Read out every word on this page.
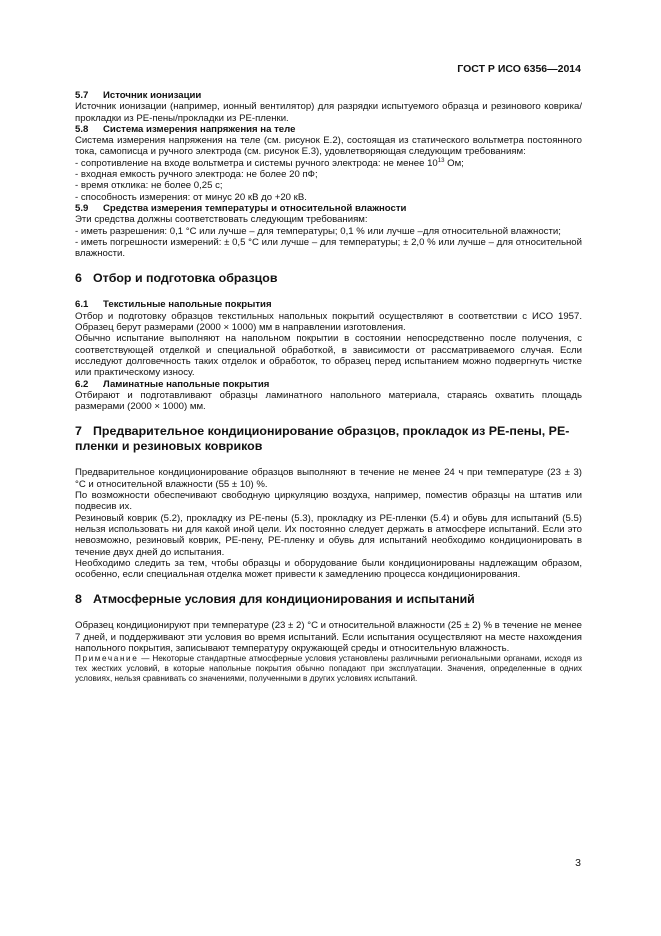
ГОСТ Р ИСО 6356—2014

5.7 Источник ионизации

Источник ионизации (например, ионный вентилятор) для разрядки испытуемого образца и резинового коврика/прокладки из PE-пены/прокладки из PE-пленки.

5.8 Система измерения напряжения на теле

Система измерения напряжения на теле (см. рисунок Е.2), состоящая из статического вольтметра постоянного тока, самописца и ручного электрода (см. рисунок Е.3), удовлетворяющая следующим требованиям:

- сопротивление на входе вольтметра и системы ручного электрода: не менее $10^{13}$ Ом;

- входная емкость ручного электрода: не более 20 пФ;

- время отклика: не более 0,25 с;

- способность измерения: от минус 20 кВ до +20 кВ.

5.9 Средства измерения температуры и относительной влажности

Эти средства должны соответствовать следующим требованиям:

- иметь разрешения: 0,1 °С или лучше – для температуры; 0,1 % или лучше –для относительной влажности;

- иметь погрешности измерений: ± 0,5 °С или лучше – для температуры; ± 2,0 % или лучше – для относительной влажности.

6 Отбор и подготовка образцов

6.1 Текстильные напольные покрытия

Отбор и подготовку образцов текстильных напольных покрытий осуществляют в соответствии с ИСО 1957. Образец берут размерами (2000 × 1000) мм в направлении изготовления.

Обычно испытание выполняют на напольном покрытии в состоянии непосредственно после получения, с соответствующей отделкой и специальной обработкой, в зависимости от рассматриваемого случая. Если исследуют долговечность таких отделок и обработок, то образец перед испытанием можно подвергнуть чистке или практическому износу.

6.2 Ламинатные напольные покрытия

Отбирают и подготавливают образцы ламинатного напольного материала, стараясь охватить площадь размерами (2000 × 1000) мм.

7 Предварительное кондиционирование образцов, прокладок из PE-пены, PE-пленки и резиновых ковриков

Предварительное кондиционирование образцов выполняют в течение не менее 24 ч при температуре (23 ± 3) °С и относительной влажности (55 ± 10) %.

По возможности обеспечивают свободную циркуляцию воздуха, например, поместив образцы на штатив или подвесив их.

Резиновый коврик (5.2), прокладку из PE-пены (5.3), прокладку из PE-пленки (5.4) и обувь для испытаний (5.5) нельзя использовать ни для какой иной цели. Их постоянно следует держать в атмосфере испытаний. Если это невозможно, резиновый коврик, PE-пену, PE-пленку и обувь для испытаний необходимо кондиционировать в течение двух дней до испытания.

Необходимо следить за тем, чтобы образцы и оборудование были кондиционированы надлежащим образом, особенно, если специальная отделка может привести к замедлению процесса кондиционирования.

8 Атмосферные условия для кондиционирования и испытаний

Образец кондиционируют при температуре (23 ± 2) °С и относительной влажности (25 ± 2) % в течение не менее 7 дней, и поддерживают эти условия во время испытаний. Если испытания осуществляют на месте нахождения напольного покрытия, записывают температуру окружающей среды и относительную влажность.

Примечание — Некоторые стандартные атмосферные условия установлены различными региональными органами, исходя из тех жестких условий, в которые напольные покрытия обычно попадают при эксплуатации. Значения, определенные в одних условиях, нельзя сравнивать со значениями, полученными в других условиях испытаний.

3
